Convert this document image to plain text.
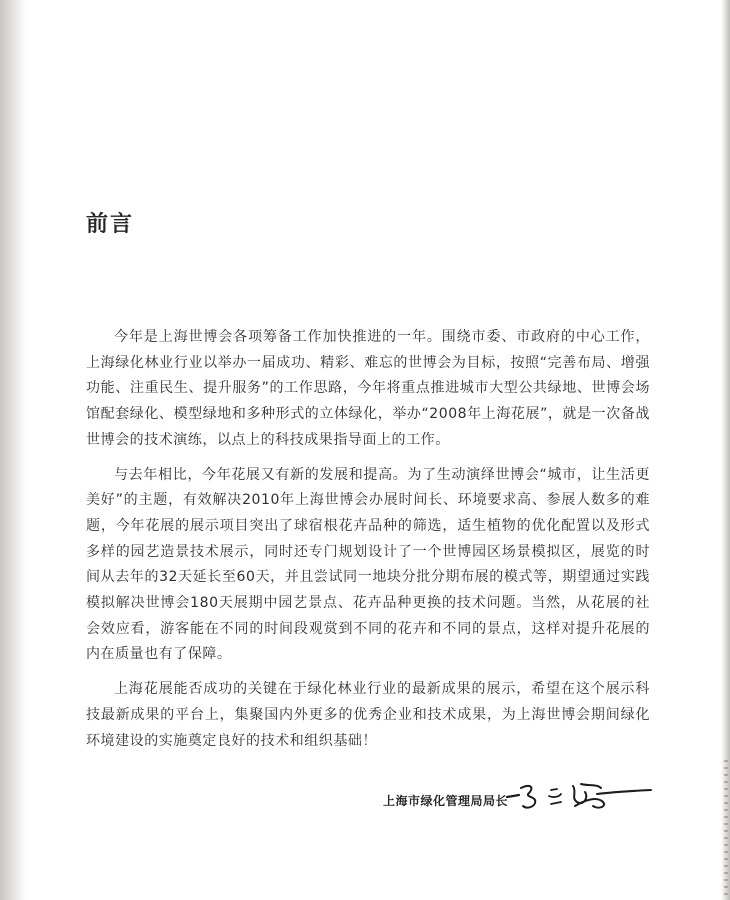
前言

今年是上海世博会各项筹备工作加快推进的一年。围绕市委、市政府的中心工作，上海绿化林业行业以举办一届成功、精彩、难忘的世博会为目标，按照“完善布局、增强功能、注重民生、提升服务”的工作思路，今年将重点推进城市大型公共绿地、世博会场馆配套绿化、模型绿地和多种形式的立体绿化，举办“2008年上海花展”，就是一次备战世博会的技术演练，以点上的科技成果指导面上的工作。

与去年相比，今年花展又有新的发展和提高。为了生动演绎世博会“城市，让生活更美好”的主题，有效解决2010年上海世博会办展时间长、环境要求高、参展人数多的难题，今年花展的展示项目突出了球宿根花卉品种的筛选，适生植物的优化配置以及形式多样的园艺造景技术展示，同时还专门规划设计了一个世博园区场景模拟区，展览的时间从去年的32天延长至60天，并且尝试同一地块分批分期布展的模式等，期望通过实践模拟解决世博会180天展期中园艺景点、花卉品种更换的技术问题。当然，从花展的社会效应看，游客能在不同的时间段观赏到不同的花卉和不同的景点，这样对提升花展的内在质量也有了保障。

上海花展能否成功的关键在于绿化林业行业的最新成果的展示，希望在这个展示科技最新成果的平台上，集聚国内外更多的优秀企业和技术成果，为上海世博会期间绿化环境建设的实施奠定良好的技术和组织基础！

上海市绿化管理局局长
